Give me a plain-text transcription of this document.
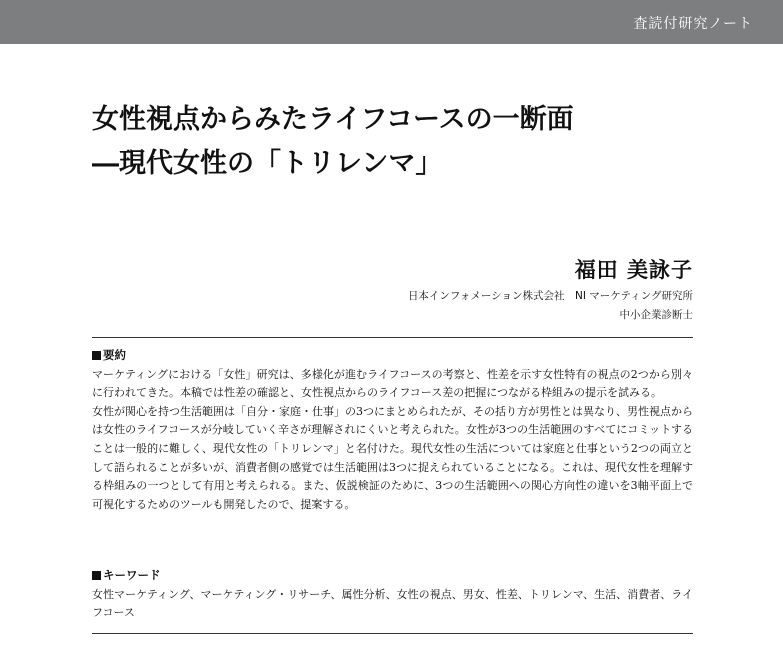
査読付研究ノート
女性視点からみたライフコースの一断面
―現代女性の「トリレンマ」
福田 美詠子
日本インフォメーション株式会社　NI マーケティング研究所
中小企業診断士
要約

マーケティングにおける「女性」研究は、多様化が進むライフコースの考察と、性差を示す女性特有の視点の2つから別々に行われてきた。本稿では性差の確認と、女性視点からのライフコース差の把握につながる枠組みの提示を試みる。

女性が関心を持つ生活範囲は「自分・家庭・仕事」の3つにまとめられたが、その括り方が男性とは異なり、男性視点からは女性のライフコースが分岐していく辛さが理解されにくいと考えられた。女性が3つの生活範囲のすべてにコミットすることは一般的に難しく、現代女性の「トリレンマ」と名付けた。現代女性の生活については家庭と仕事という2つの両立として語られることが多いが、消費者側の感覚では生活範囲は3つに捉えられていることになる。これは、現代女性を理解する枠組みの一つとして有用と考えられる。また、仮説検証のために、3つの生活範囲への関心方向性の違いを3軸平面上で可視化するためのツールも開発したので、提案する。

キーワード

女性マーケティング、マーケティング・リサーチ、属性分析、女性の視点、男女、性差、トリレンマ、生活、消費者、ライフコース
